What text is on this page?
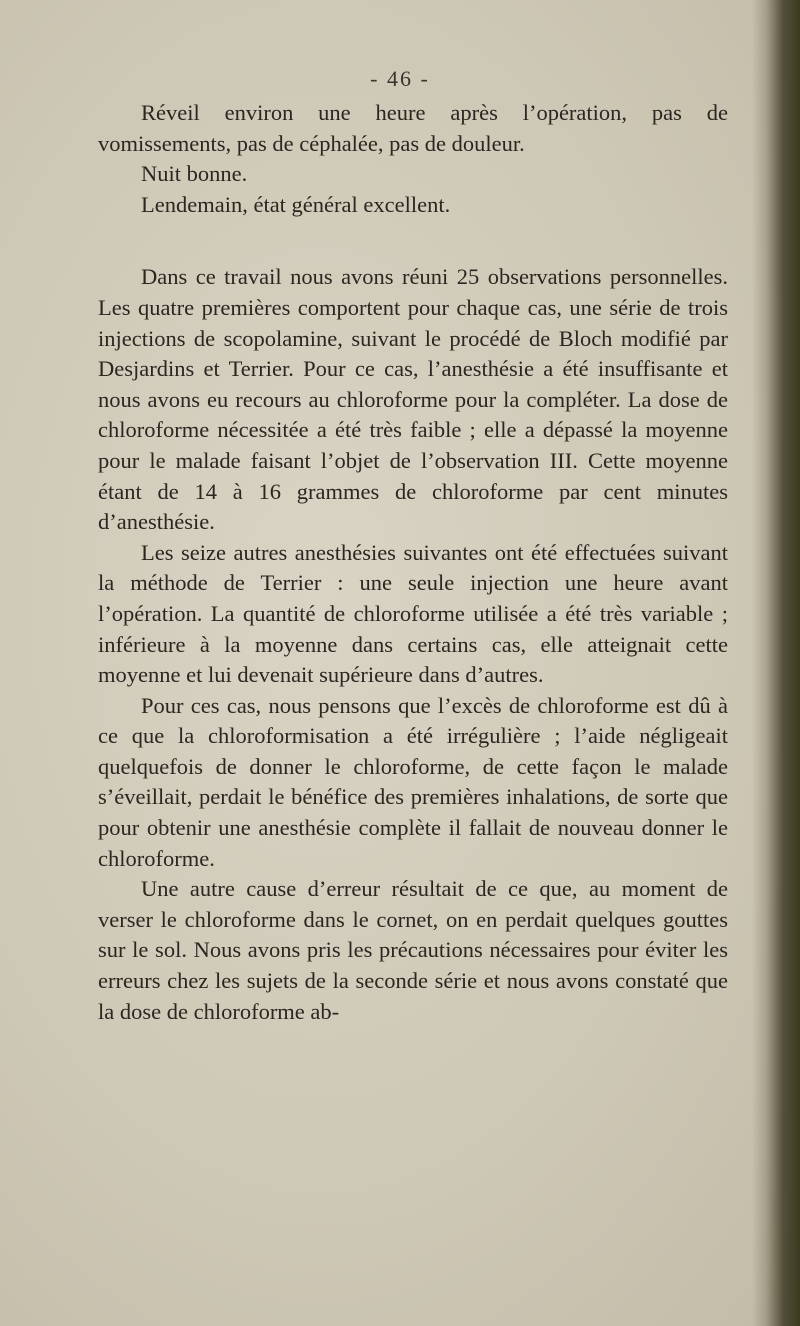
- 46 -

Réveil environ une heure après l’opération, pas de vomissements, pas de céphalée, pas de douleur.

Nuit bonne.

Lendemain, état général excellent.

Dans ce travail nous avons réuni 25 observations personnelles. Les quatre premières comportent pour chaque cas, une série de trois injections de scopolamine, suivant le procédé de Bloch modifié par Desjardins et Terrier. Pour ce cas, l’anesthésie a été insuffisante et nous avons eu recours au chloroforme pour la compléter. La dose de chloroforme nécessitée a été très faible ; elle a dépassé la moyenne pour le malade faisant l’objet de l’observation III. Cette moyenne étant de 14 à 16 grammes de chloroforme par cent minutes d’anesthésie.

Les seize autres anesthésies suivantes ont été effectuées suivant la méthode de Terrier : une seule injection une heure avant l’opération. La quantité de chloroforme utilisée a été très variable ; inférieure à la moyenne dans certains cas, elle atteignait cette moyenne et lui devenait supérieure dans d’autres.

Pour ces cas, nous pensons que l’excès de chloroforme est dû à ce que la chloroformisation a été irrégulière ; l’aide négligeait quelquefois de donner le chloroforme, de cette façon le malade s’éveillait, perdait le bénéfice des premières inhalations, de sorte que pour obtenir une anesthésie complète il fallait de nouveau donner le chloroforme.

Une autre cause d’erreur résultait de ce que, au moment de verser le chloroforme dans le cornet, on en perdait quelques gouttes sur le sol. Nous avons pris les précautions nécessaires pour éviter les erreurs chez les sujets de la seconde série et nous avons constaté que la dose de chloroforme ab-
